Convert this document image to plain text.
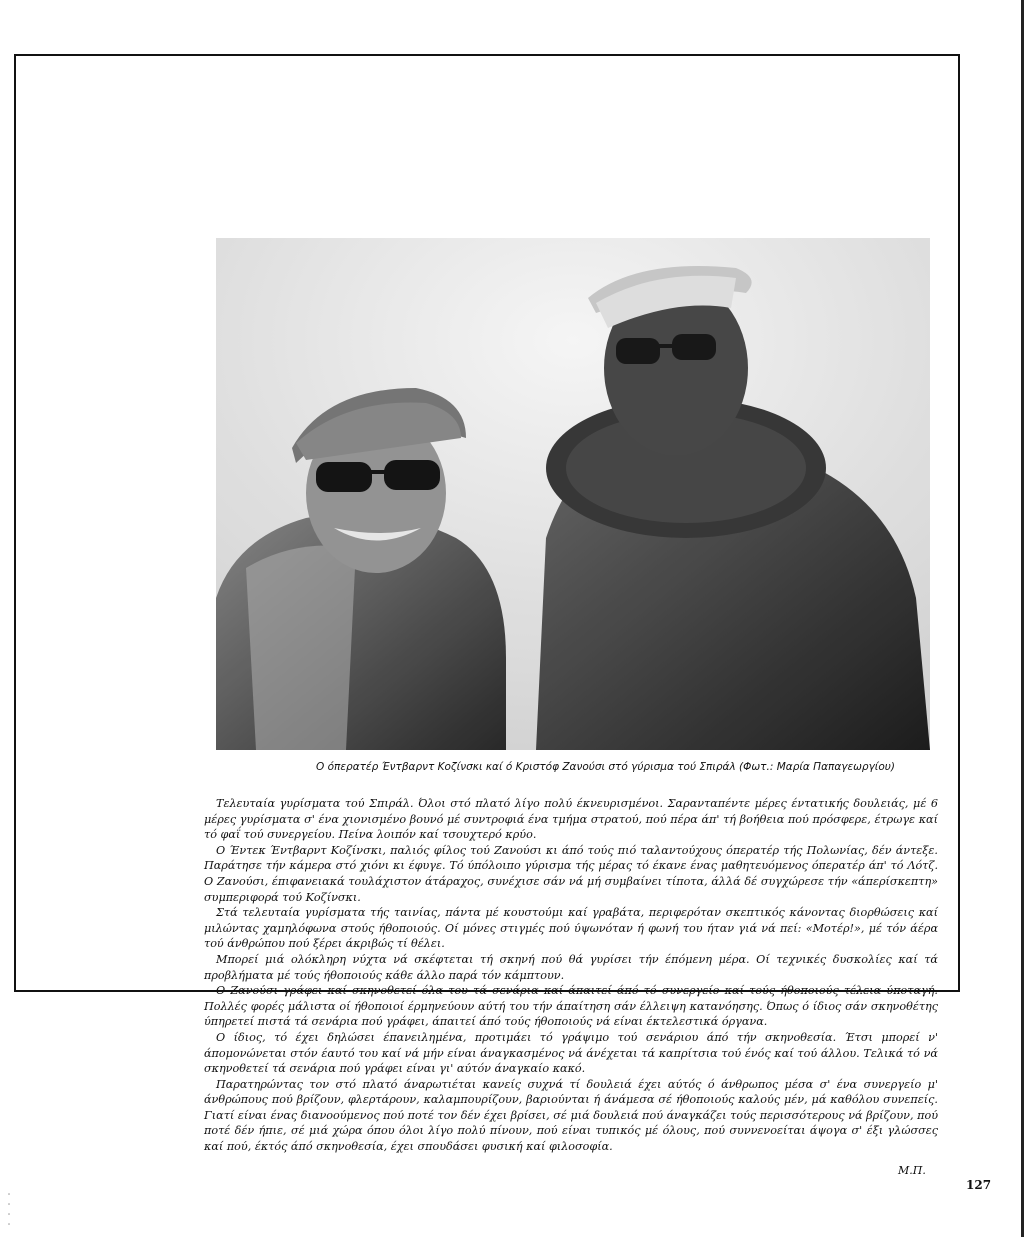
Ο όπερατέρ Έντβαρντ Κοζίνσκι καί ό Κριστόφ Ζανούσι στό γύρισμα τού Σπιράλ (Φωτ.: Μαρία Παπαγεωργίου)

Τελευταία γυρίσματα τού Σπιράλ. Όλοι στό πλατό λίγο πολύ έκνευρισμένοι. Σαρανταπέντε μέρες έντατικής δουλειάς, μέ 6 μέρες γυρίσματα σ' ένα χιονισμένο βουνό μέ συντροφιά ένα τμήμα στρατού, πού πέρα άπ' τή βοήθεια πού πρόσφερε, έτρωγε καί τό φαΐ τού συνεργείου. Πείνα λοιπόν καί τσουχτερό κρύο.

Ο Έντεκ Έντβαρντ Κοζίνσκι, παλιός φίλος τού Ζανούσι κι άπό τούς πιό ταλαντούχους όπερατέρ τής Πολωνίας, δέν άντεξε. Παράτησε τήν κάμερα στό χιόνι κι έφυγε. Τό ύπόλοιπο γύρισμα τής μέρας τό έκανε ένας μαθητευόμενος όπερατέρ άπ' τό Λότζ. Ο Ζανούσι, έπιφανειακά τουλάχιστον άτάραχος, συνέχισε σάν νά μή συμβαίνει τίποτα, άλλά δέ συγχώρεσε τήν «άπερίσκεπτη» συμπεριφορά τού Κοζίνσκι.

Στά τελευταία γυρίσματα τής ταινίας, πάντα μέ κουστούμι καί γραβάτα, περιφερόταν σκεπτικός κάνοντας διορθώσεις καί μιλώντας χαμηλόφωνα στούς ήθοποιούς. Οί μόνες στιγμές πού ύψωνόταν ή φωνή του ήταν γιά νά πεί: «Μοτέρ!», μέ τόν άέρα τού άνθρώπου πού ξέρει άκριβώς τί θέλει.

Μπορεί μιά ολόκληρη νύχτα νά σκέφτεται τή σκηνή πού θά γυρίσει τήν έπόμενη μέρα. Οί τεχνικές δυσκολίες καί τά προβλήματα μέ τούς ήθοποιούς κάθε άλλο παρά τόν κάμπτουν.

Ο Ζανούσι γράφει καί σκηνοθετεί όλα του τά σενάρια καί άπαιτεί άπό τό συνεργείο καί τούς ήθοποιούς τέλεια ύποταγή. Πολλές φορές μάλιστα οί ήθοποιοί έρμηνεύουν αύτή του τήν άπαίτηση σάν έλλειψη κατανόησης. Όπως ό ίδιος σάν σκηνοθέτης ύπηρετεί πιστά τά σενάρια πού γράφει, άπαιτεί άπό τούς ήθοποιούς νά είναι έκτελεστικά όργανα.

Ο ίδιος, τό έχει δηλώσει έπανειλημένα, προτιμάει τό γράψιμο τού σενάριου άπό τήν σκηνοθεσία. Έτσι μπορεί ν' άπομονώνεται στόν έαυτό του καί νά μήν είναι άναγκασμένος νά άνέχεται τά καπρίτσια τού ένός καί τού άλλου. Τελικά τό νά σκηνοθετεί τά σενάρια πού γράφει είναι γι' αύτόν άναγκαίο κακό.

Παρατηρώντας τον στό πλατό άναρωτιέται κανείς συχνά τί δουλειά έχει αύτός ό άνθρωπος μέσα σ' ένα συνεργείο μ' άνθρώπους πού βρίζουν, φλερτάρουν, καλαμπουρίζουν, βαριούνται ή άνάμεσα σέ ήθοποιούς καλούς μέν, μά καθόλου συνεπείς. Γιατί είναι ένας διανοούμενος πού ποτέ τον δέν έχει βρίσει, σέ μιά δουλειά πού άναγκάζει τούς περισσότερους νά βρίζουν, πού ποτέ δέν ήπιε, σέ μιά χώρα όπου όλοι λίγο πολύ πίνουν, πού είναι τυπικός μέ όλους, πού συννενοείται άψογα σ' έξι γλώσσες καί πού, έκτός άπό σκηνοθεσία, έχει σπουδάσει φυσική καί φιλοσοφία.

Μ.Π.
127
